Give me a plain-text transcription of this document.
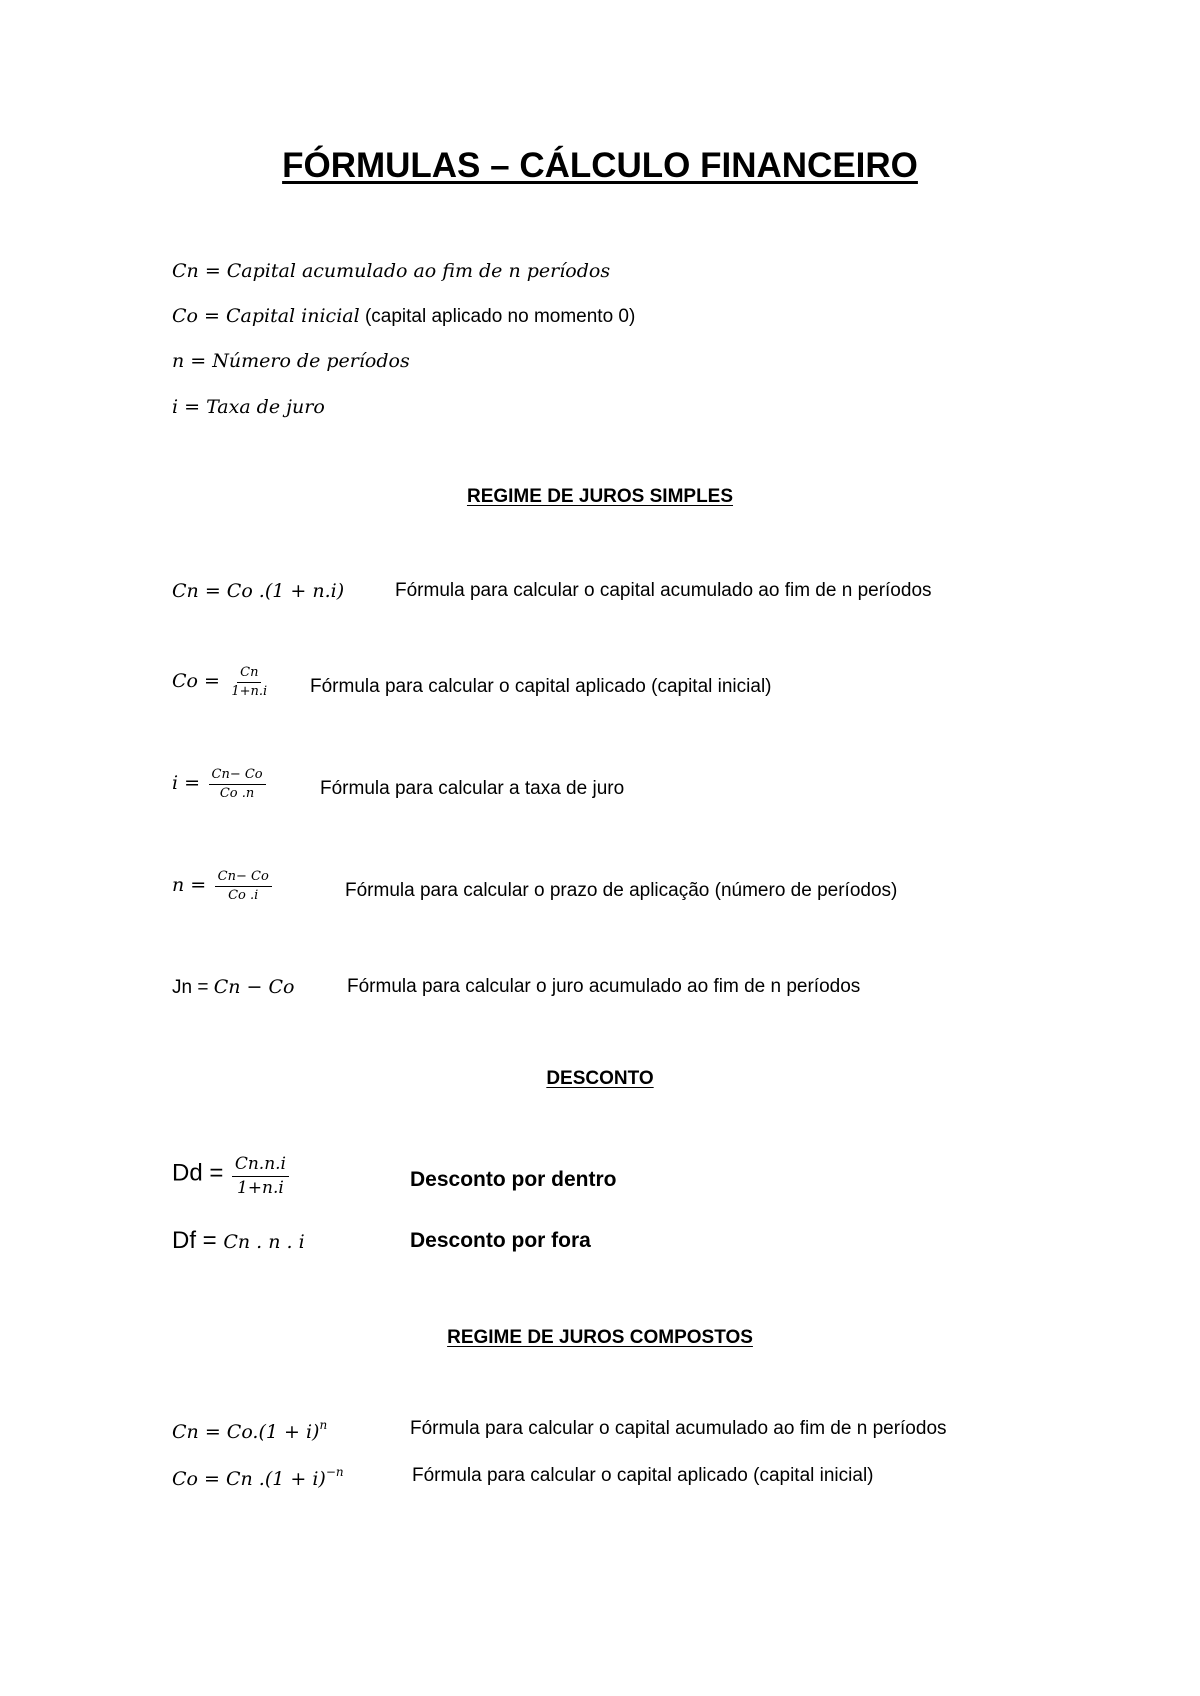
FÓRMULAS – CÁLCULO FINANCEIRO
Cn = Capital acumulado ao fim de n períodos
Co = Capital inicial (capital aplicado no momento 0)
n = Número de períodos
i = Taxa de juro
REGIME DE JUROS SIMPLES
Cn = Co .(1 + n.i)	Fórmula para calcular o capital acumulado ao fim de n períodos
$Co = \frac{Cn}{1+n.i}$ Fórmula para calcular o capital aplicado (capital inicial)
$i = \frac{Cn- Co}{Co .n}$	Fórmula para calcular a taxa de juro
$n = \frac{Cn- Co}{Co .i}$	Fórmula para calcular o prazo de aplicação (número de períodos)
Jn = Cn − Co	Fórmula para calcular o juro acumulado ao fim de n períodos
DESCONTO
$Dd = \frac{Cn.n.i}{1+n.i}$	Desconto por dentro
Df = Cn . n . i	Desconto por fora
REGIME DE JUROS COMPOSTOS
$Cn = Co.(1 + i)^n$	Fórmula para calcular o capital acumulado ao fim de n períodos
Co = Cn $.(1 + i)^{-n}$	Fórmula para calcular o capital aplicado (capital inicial)
